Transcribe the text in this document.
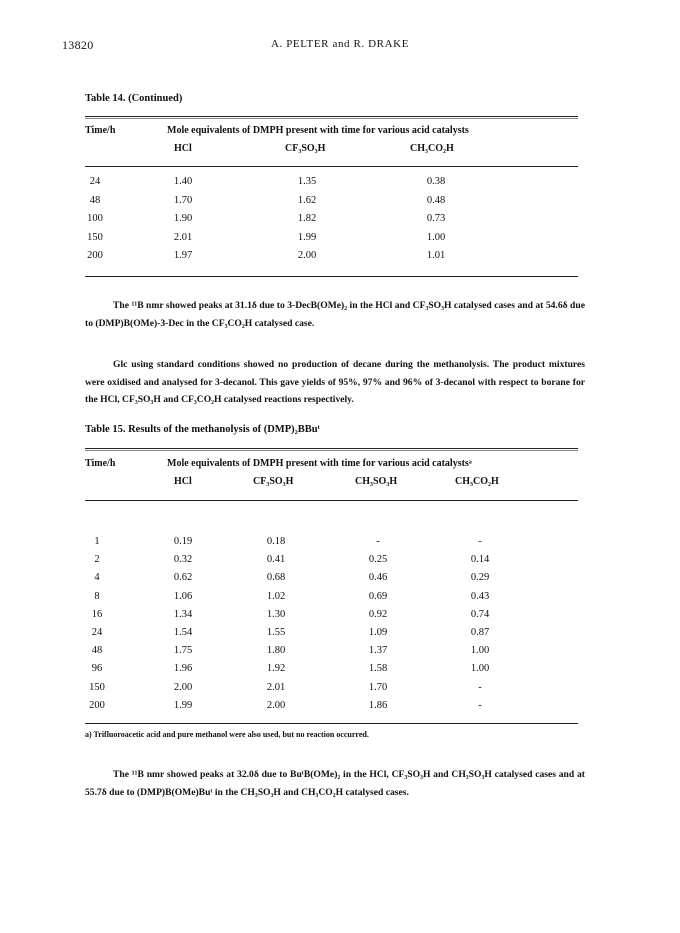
13820	A. PELTER and R. DRAKE
Table 14. (Continued)
Time/h	Mole equivalents of DMPH present with time for various acid catalysts
HCl	CF₃SO₃H	CH₃CO₂H
24	1.40	1.35	0.38
48	1.70	1.62	0.48
100	1.90	1.82	0.73
150	2.01	1.99	1.00
200	1.97	2.00	1.01
The ¹¹B nmr showed peaks at 31.1δ due to 3-DecB(OMe)₂ in the HCl and CF₃SO₃H catalysed cases and at 54.6δ due to (DMP)B(OMe)-3-Dec in the CF₃CO₂H catalysed case.
Glc using standard conditions showed no production of decane during the methanolysis. The product mixtures were oxidised and analysed for 3-decanol. This gave yields of 95%, 97% and 96% of 3-decanol with respect to borane for the HCl, CF₃SO₃H and CF₃CO₂H catalysed reactions respectively.
Table 15. Results of the methanolysis of (DMP)₂BBuᵗ
Time/h	Mole equivalents of DMPH present with time for various acid catalystsᵃ
HCl	CF₃SO₃H	CH₃SO₃H	CH₃CO₂H
1	0.19	0.18	-	-
2	0.32	0.41	0.25	0.14
4	0.62	0.68	0.46	0.29
8	1.06	1.02	0.69	0.43
16	1.34	1.30	0.92	0.74
24	1.54	1.55	1.09	0.87
48	1.75	1.80	1.37	1.00
96	1.96	1.92	1.58	1.00
150	2.00	2.01	1.70	-
200	1.99	2.00	1.86	-
a) Trifluoroacetic acid and pure methanol were also used, but no reaction occurred.
The ¹¹B nmr showed peaks at 32.0δ due to BuᵗB(OMe)₂ in the HCl, CF₃SO₃H and CH₃SO₃H catalysed cases and at 55.7δ due to (DMP)B(OMe)Buᵗ in the CH₃SO₃H and CH₃CO₂H catalysed cases.
